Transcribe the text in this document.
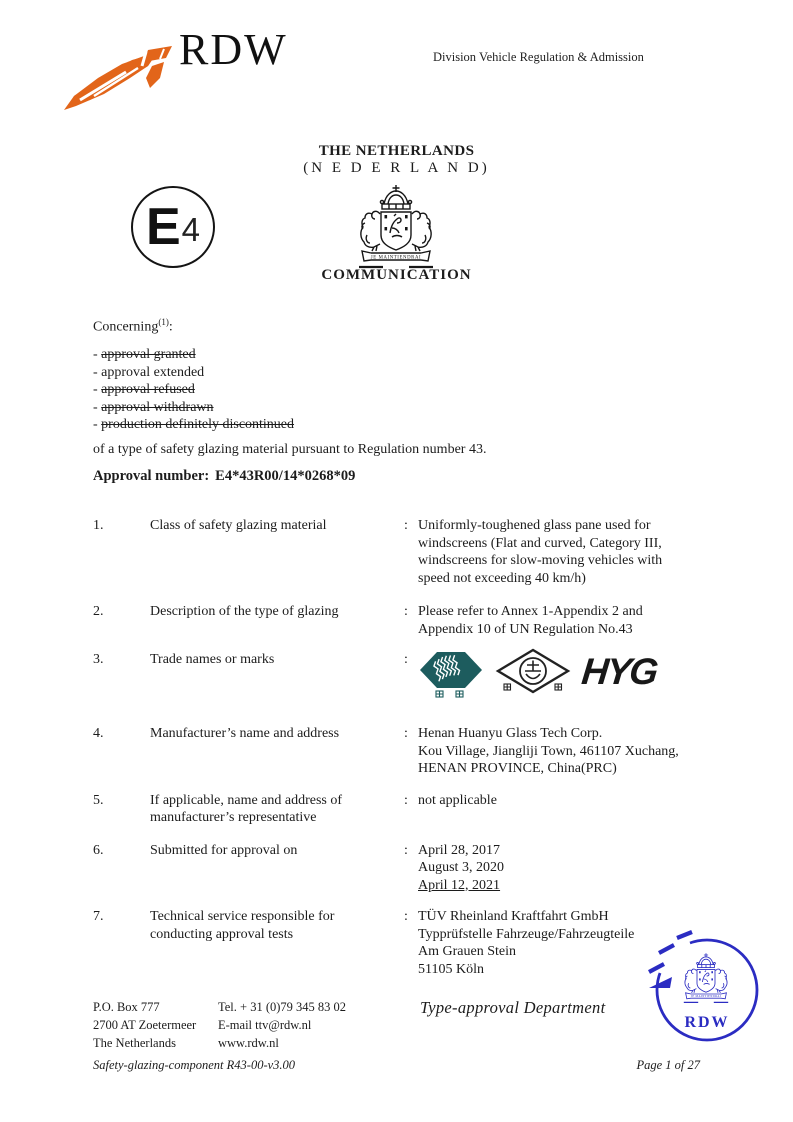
RDW	Division Vehicle Regulation & Admission
THE NETHERLANDS
(N E D E R L A N D)
JE MAINTIENDRAI
COMMUNICATION
E 4
Concerning$^{(1)}$:
- approval granted
- approval extended
- approval refused
- approval withdrawn
- production definitely discontinued
of a type of safety glazing material pursuant to Regulation number 43.
Approval number: E4*43R00/14*0268*09
1.	Class of safety glazing material	: Uniformly-toughened glass pane used for
windscreens (Flat and curved, Category III,
windscreens for slow-moving vehicles with
speed not exceeding 40 km/h)
2.	Description of the type of glazing	: Please refer to Annex 1-Appendix 2 and
Appendix 10 of UN Regulation No.43
3.	Trade names or marks	:	HYG
4.	Manufacturer’s name and address	: Henan Huanyu Glass Tech Corp.
Kou Village, Jiangliji Town, 461107 Xuchang,
HENAN PROVINCE, China(PRC)
5.	If applicable, name and address of manufacturer’s representative
: not applicable
6.	Submitted for approval on	: April 28, 2017
August 3, 2020
April 12, 2021
7.	Technical service responsible for conducting approval tests
: TÜV Rheinland Kraftfahrt GmbH
Typprüfstelle Fahrzeuge/Fahrzeugteile
Am Grauen Stein
51105 Köln
P.O. Box 777
2700 AT Zoetermeer
The Netherlands
Tel. + 31 (0)79 345 83 02
E-mail ttv@rdw.nl
www.rdw.nl
Type-approval Department
Safety-glazing-component R43-00-v3.00	Page 1 of 27
RDW
